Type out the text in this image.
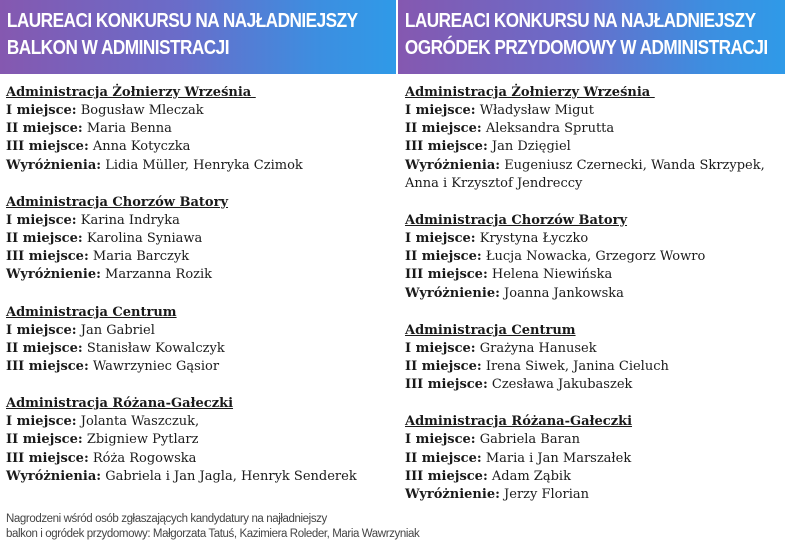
LAUREACI KONKURSU NA NAJŁADNIEJSZY
BALKON W ADMINISTRACJI
Administracja Żołnierzy Września

I miejsce: Bogusław Mleczak

II miejsce: Maria Benna

III miejsce: Anna Kotyczka

Wyróżnienia: Lidia Müller, Henryka Czimok

Administracja Chorzów Batory

I miejsce: Karina Indryka

II miejsce: Karolina Syniawa

III miejsce: Maria Barczyk

Wyróżnienie: Marzanna Rozik

Administracja Centrum

I miejsce: Jan Gabriel

II miejsce: Stanisław Kowalczyk

III miejsce: Wawrzyniec Gąsior

Administracja Różana-Gałeczki

I miejsce: Jolanta Waszczuk,

II miejsce: Zbigniew Pytlarz

III miejsce: Róża Rogowska

Wyróżnienia: Gabriela i Jan Jagla, Henryk Senderek

LAUREACI KONKURSU NA NAJŁADNIEJSZY
OGRÓDEK PRZYDOMOWY W ADMINISTRACJI
Administracja Żołnierzy Września

I miejsce: Władysław Migut

II miejsce: Aleksandra Sprutta

III miejsce: Jan Dzięgiel

Wyróżnienia: Eugeniusz Czernecki, Wanda Skrzypek, Anna i Krzysztof Jendreccy

Administracja Chorzów Batory

I miejsce: Krystyna Łyczko

II miejsce: Łucja Nowacka, Grzegorz Wowro

III miejsce: Helena Niewińska

Wyróżnienie: Joanna Jankowska

Administracja Centrum

I miejsce: Grażyna Hanusek

II miejsce: Irena Siwek, Janina Cieluch

III miejsce: Czesława Jakubaszek

Administracja Różana-Gałeczki

I miejsce: Gabriela Baran

II miejsce: Maria i Jan Marszałek

III miejsce: Adam Ząbik

Wyróżnienie: Jerzy Florian

Nagrodzeni wśród osób zgłaszających kandydatury na najładniejszy
balkon i ogródek przydomowy: Małgorzata Tatuś, Kazimiera Roleder, Maria Wawrzyniak
